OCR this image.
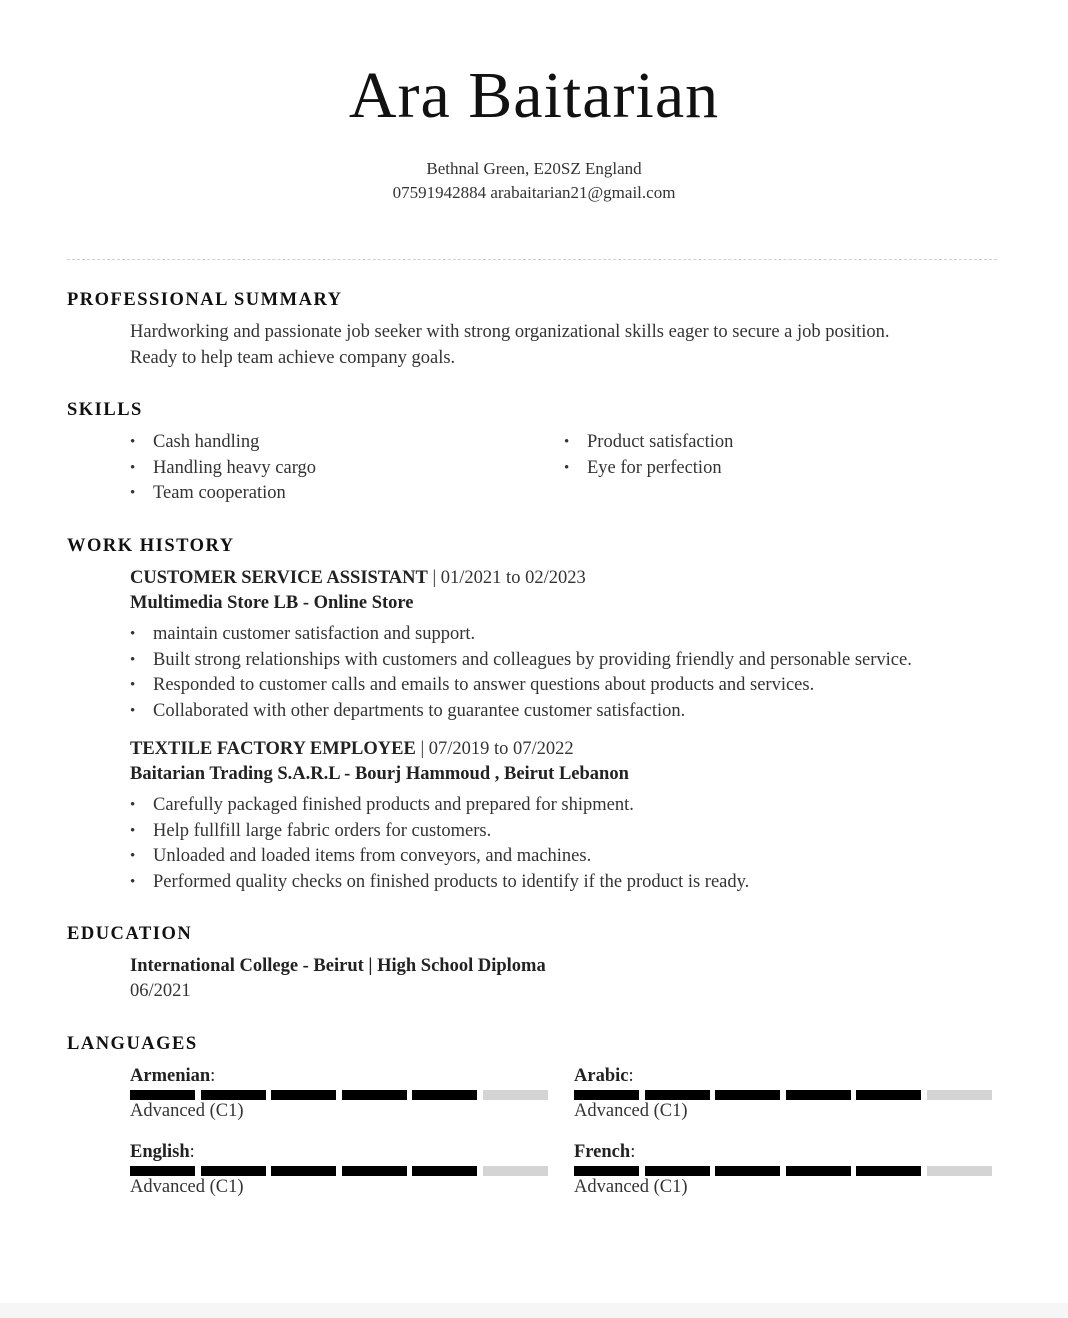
Ara Baitarian
Bethnal Green, E20SZ England
07591942884 arabaitarian21@gmail.com
PROFESSIONAL SUMMARY
Hardworking and passionate job seeker with strong organizational skills eager to secure a job position.
Ready to help team achieve company goals.
SKILLS
• Cash handling
• Handling heavy cargo
• Team cooperation
• Product satisfaction
• Eye for perfection
WORK HISTORY
CUSTOMER SERVICE ASSISTANT | 01/2021 to 02/2023
Multimedia Store LB - Online Store
• maintain customer satisfaction and support.
• Built strong relationships with customers and colleagues by providing friendly and personable service.
• Responded to customer calls and emails to answer questions about products and services.
• Collaborated with other departments to guarantee customer satisfaction.
TEXTILE FACTORY EMPLOYEE | 07/2019 to 07/2022
Baitarian Trading S.A.R.L - Bourj Hammoud , Beirut Lebanon
• Carefully packaged finished products and prepared for shipment.
• Help fullfill large fabric orders for customers.
• Unloaded and loaded items from conveyors, and machines.
• Performed quality checks on finished products to identify if the product is ready.
EDUCATION
International College - Beirut | High School Diploma
06/2021
LANGUAGES
Armenian:
Advanced (C1)
Arabic:
Advanced (C1)
English:
Advanced (C1)
French:
Advanced (C1)
